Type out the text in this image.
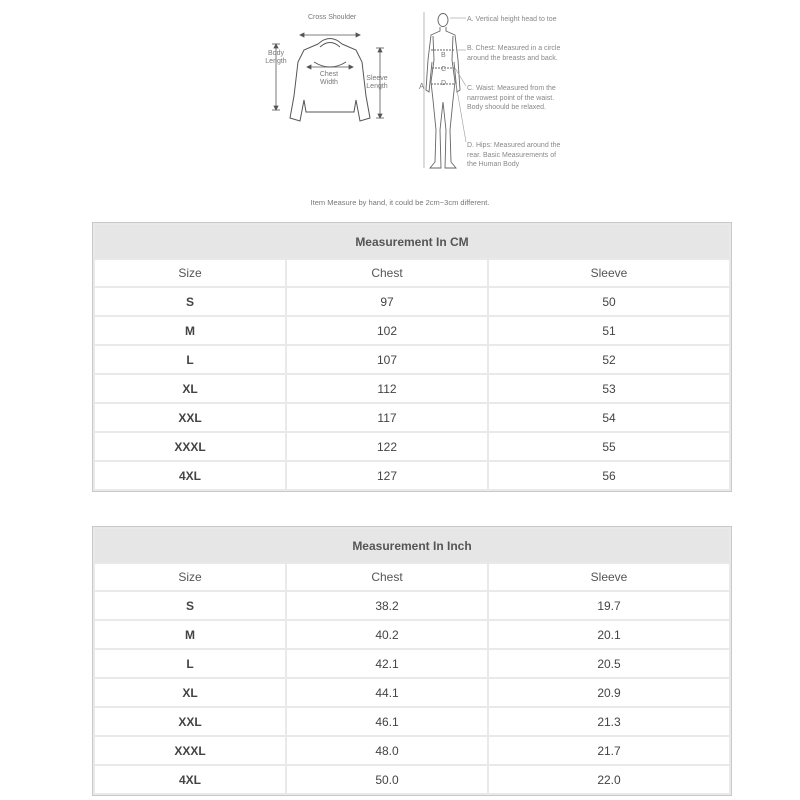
Cross Shoulder
Body Length
Chest Width
Sleeve Length	A
B
C
D
A. Vertical height head to toe
B. Chest: Measured in a circle around the breasts and back.
C. Waist: Measured from the narrowest point of the waist. Body shoould be relaxed.
D. Hips: Measured around the rear. Basic Measurements of the Human Body
Item Measure by hand, it could be 2cm~3cm different.
Measurement In CM		
Size	Chest	Sleeve
S	97	50
M	102	51
L	107	52
XL	112	53
XXL	117	54
XXXL	122	55
4XL	127	56
Measurement In Inch		
Size	Chest	Sleeve
S	38.2	19.7
M	40.2	20.1
L	42.1	20.5
XL	44.1	20.9
XXL	46.1	21.3
XXXL	48.0	21.7
4XL	50.0	22.0
